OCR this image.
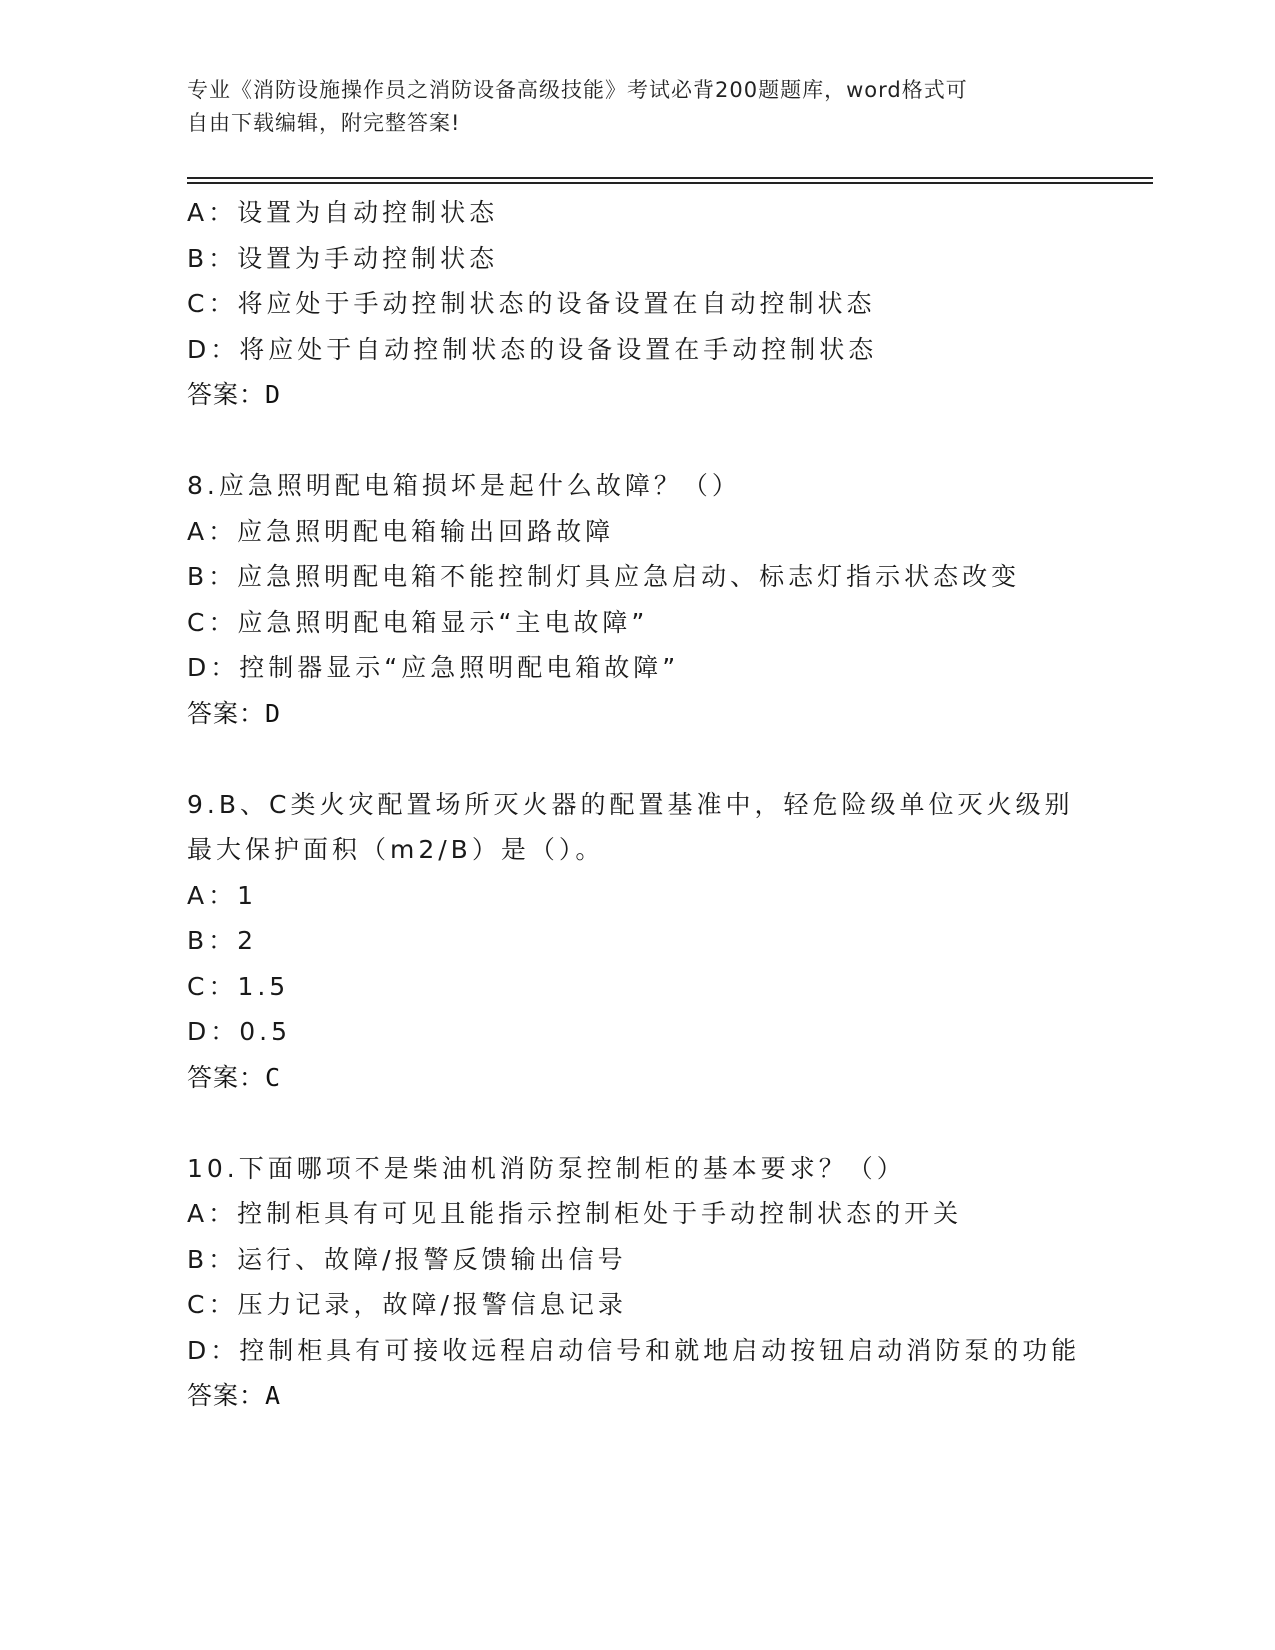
专业《消防设施操作员之消防设备高级技能》考试必背200题题库，word格式可
自由下载编辑，附完整答案!
A：设置为自动控制状态
B：设置为手动控制状态
C：将应处于手动控制状态的设备设置在自动控制状态
D：将应处于自动控制状态的设备设置在手动控制状态
答案：D
8.应急照明配电箱损坏是起什么故障？（）
A：应急照明配电箱输出回路故障
B：应急照明配电箱不能控制灯具应急启动、标志灯指示状态改变
C：应急照明配电箱显示“主电故障”
D：控制器显示“应急照明配电箱故障”
答案：D
9.B、C类火灾配置场所灭火器的配置基准中，轻危险级单位灭火级别
最大保护面积（m2/B）是（）。
A：1
B：2
C：1.5
D：0.5
答案：C
10.下面哪项不是柴油机消防泵控制柜的基本要求？（）
A：控制柜具有可见且能指示控制柜处于手动控制状态的开关
B：运行、故障/报警反馈输出信号
C：压力记录，故障/报警信息记录
D：控制柜具有可接收远程启动信号和就地启动按钮启动消防泵的功能
答案：A
